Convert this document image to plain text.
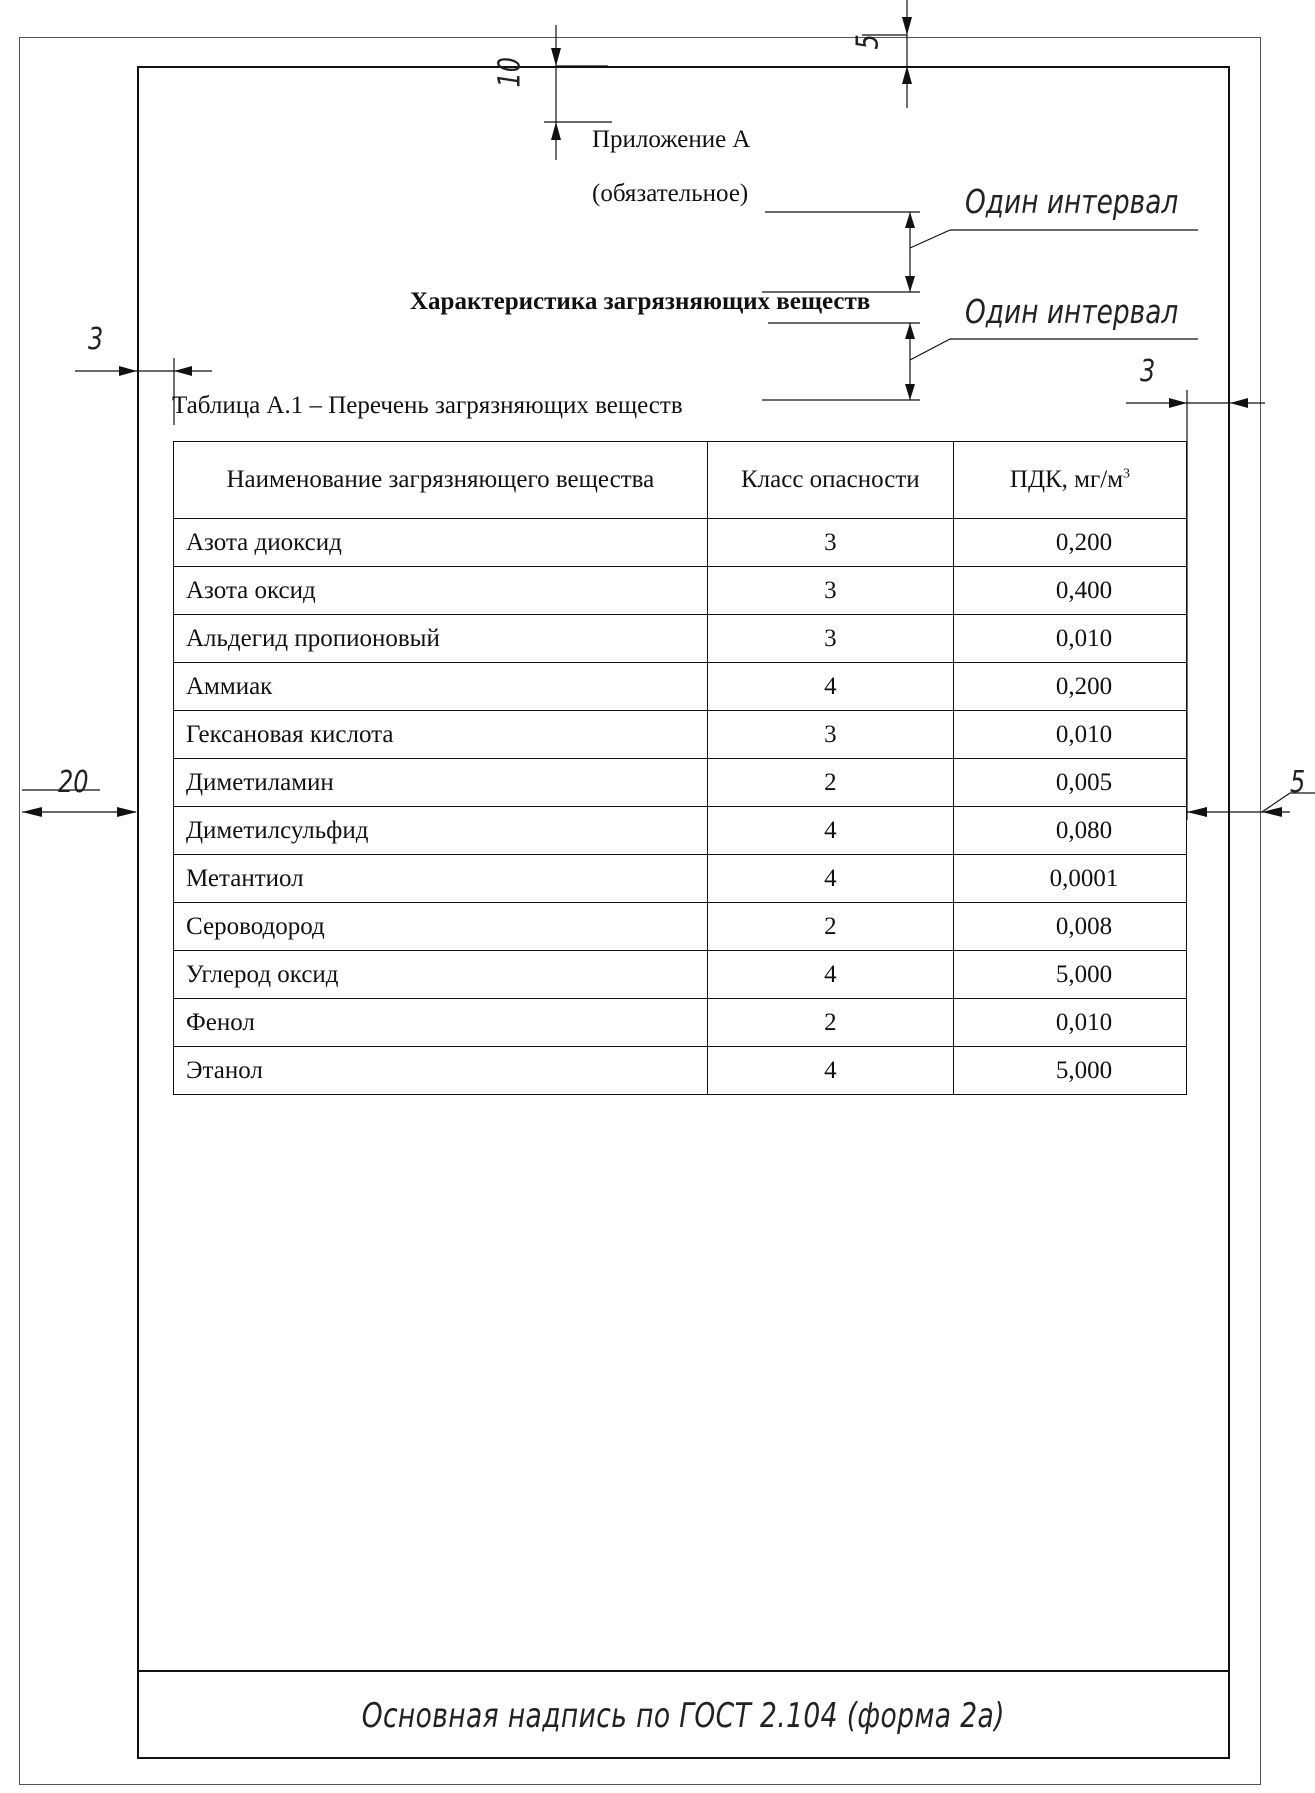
Основная надпись по ГОСТ 2.104 (форма 2а)
Приложение А
(обязательное)
Характеристика загрязняющих веществ
Таблица А.1 – Перечень загрязняющих веществ
Наименование загрязняющего вещества	Класс опасности	ПДК, $мг/м^3$
Азота диоксид	3	0,200
Азота оксид	3	0,400
Альдегид пропионовый	3	0,010
Аммиак	4	0,200
Гексановая кислота	3	0,010
Диметиламин	2	0,005
Диметилсульфид	4	0,080
Метантиол	4	0,0001
Сероводород	2	0,008
Углерод оксид	4	5,000
Фенол	2	0,010
Этанол	4	5,000
10
5
Один интервал
Один интервал
3
3
20	5
